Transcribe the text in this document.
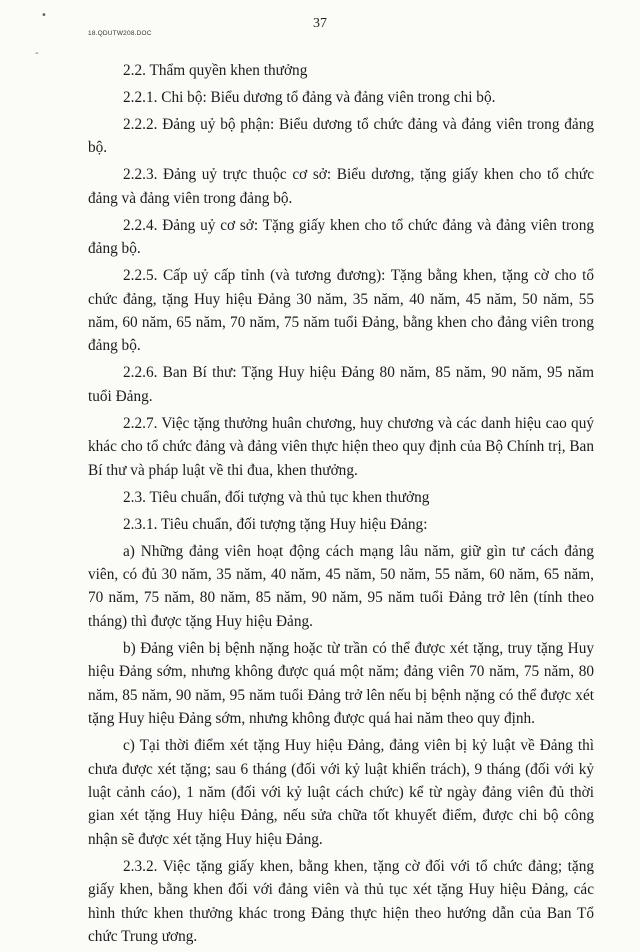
•
-
37
18.QDUTW208.DOC

2.2. Thẩm quyền khen thưởng

2.2.1. Chi bộ: Biểu dương tổ đảng và đảng viên trong chi bộ.

2.2.2. Đảng uỷ bộ phận: Biểu dương tổ chức đảng và đảng viên trong đảng bộ.

2.2.3. Đảng uỷ trực thuộc cơ sở: Biểu dương, tặng giấy khen cho tổ chức đảng và đảng viên trong đảng bộ.

2.2.4. Đảng uỷ cơ sở: Tặng giấy khen cho tổ chức đảng và đảng viên trong đảng bộ.

2.2.5. Cấp uỷ cấp tỉnh (và tương đương): Tặng bằng khen, tặng cờ cho tổ chức đảng, tặng Huy hiệu Đảng 30 năm, 35 năm, 40 năm, 45 năm, 50 năm, 55 năm, 60 năm, 65 năm, 70 năm, 75 năm tuổi Đảng, bằng khen cho đảng viên trong đảng bộ.

2.2.6. Ban Bí thư: Tặng Huy hiệu Đảng 80 năm, 85 năm, 90 năm, 95 năm tuổi Đảng.

2.2.7. Việc tặng thưởng huân chương, huy chương và các danh hiệu cao quý khác cho tổ chức đảng và đảng viên thực hiện theo quy định của Bộ Chính trị, Ban Bí thư và pháp luật về thi đua, khen thưởng.

2.3. Tiêu chuẩn, đối tượng và thủ tục khen thưởng

2.3.1. Tiêu chuẩn, đối tượng tặng Huy hiệu Đảng:

a) Những đảng viên hoạt động cách mạng lâu năm, giữ gìn tư cách đảng viên, có đủ 30 năm, 35 năm, 40 năm, 45 năm, 50 năm, 55 năm, 60 năm, 65 năm, 70 năm, 75 năm, 80 năm, 85 năm, 90 năm, 95 năm tuổi Đảng trở lên (tính theo tháng) thì được tặng Huy hiệu Đảng.

b) Đảng viên bị bệnh nặng hoặc từ trần có thể được xét tặng, truy tặng Huy hiệu Đảng sớm, nhưng không được quá một năm; đảng viên 70 năm, 75 năm, 80 năm, 85 năm, 90 năm, 95 năm tuổi Đảng trở lên nếu bị bệnh nặng có thể được xét tặng Huy hiệu Đảng sớm, nhưng không được quá hai năm theo quy định.

c) Tại thời điểm xét tặng Huy hiệu Đảng, đảng viên bị kỷ luật về Đảng thì chưa được xét tặng; sau 6 tháng (đối với kỷ luật khiển trách), 9 tháng (đối với kỷ luật cảnh cáo), 1 năm (đối với kỷ luật cách chức) kể từ ngày đảng viên đủ thời gian xét tặng Huy hiệu Đảng, nếu sửa chữa tốt khuyết điểm, được chi bộ công nhận sẽ được xét tặng Huy hiệu Đảng.

2.3.2. Việc tặng giấy khen, bằng khen, tặng cờ đối với tổ chức đảng; tặng giấy khen, bằng khen đối với đảng viên và thủ tục xét tặng Huy hiệu Đảng, các hình thức khen thưởng khác trong Đảng thực hiện theo hướng dẫn của Ban Tổ chức Trung ương.
